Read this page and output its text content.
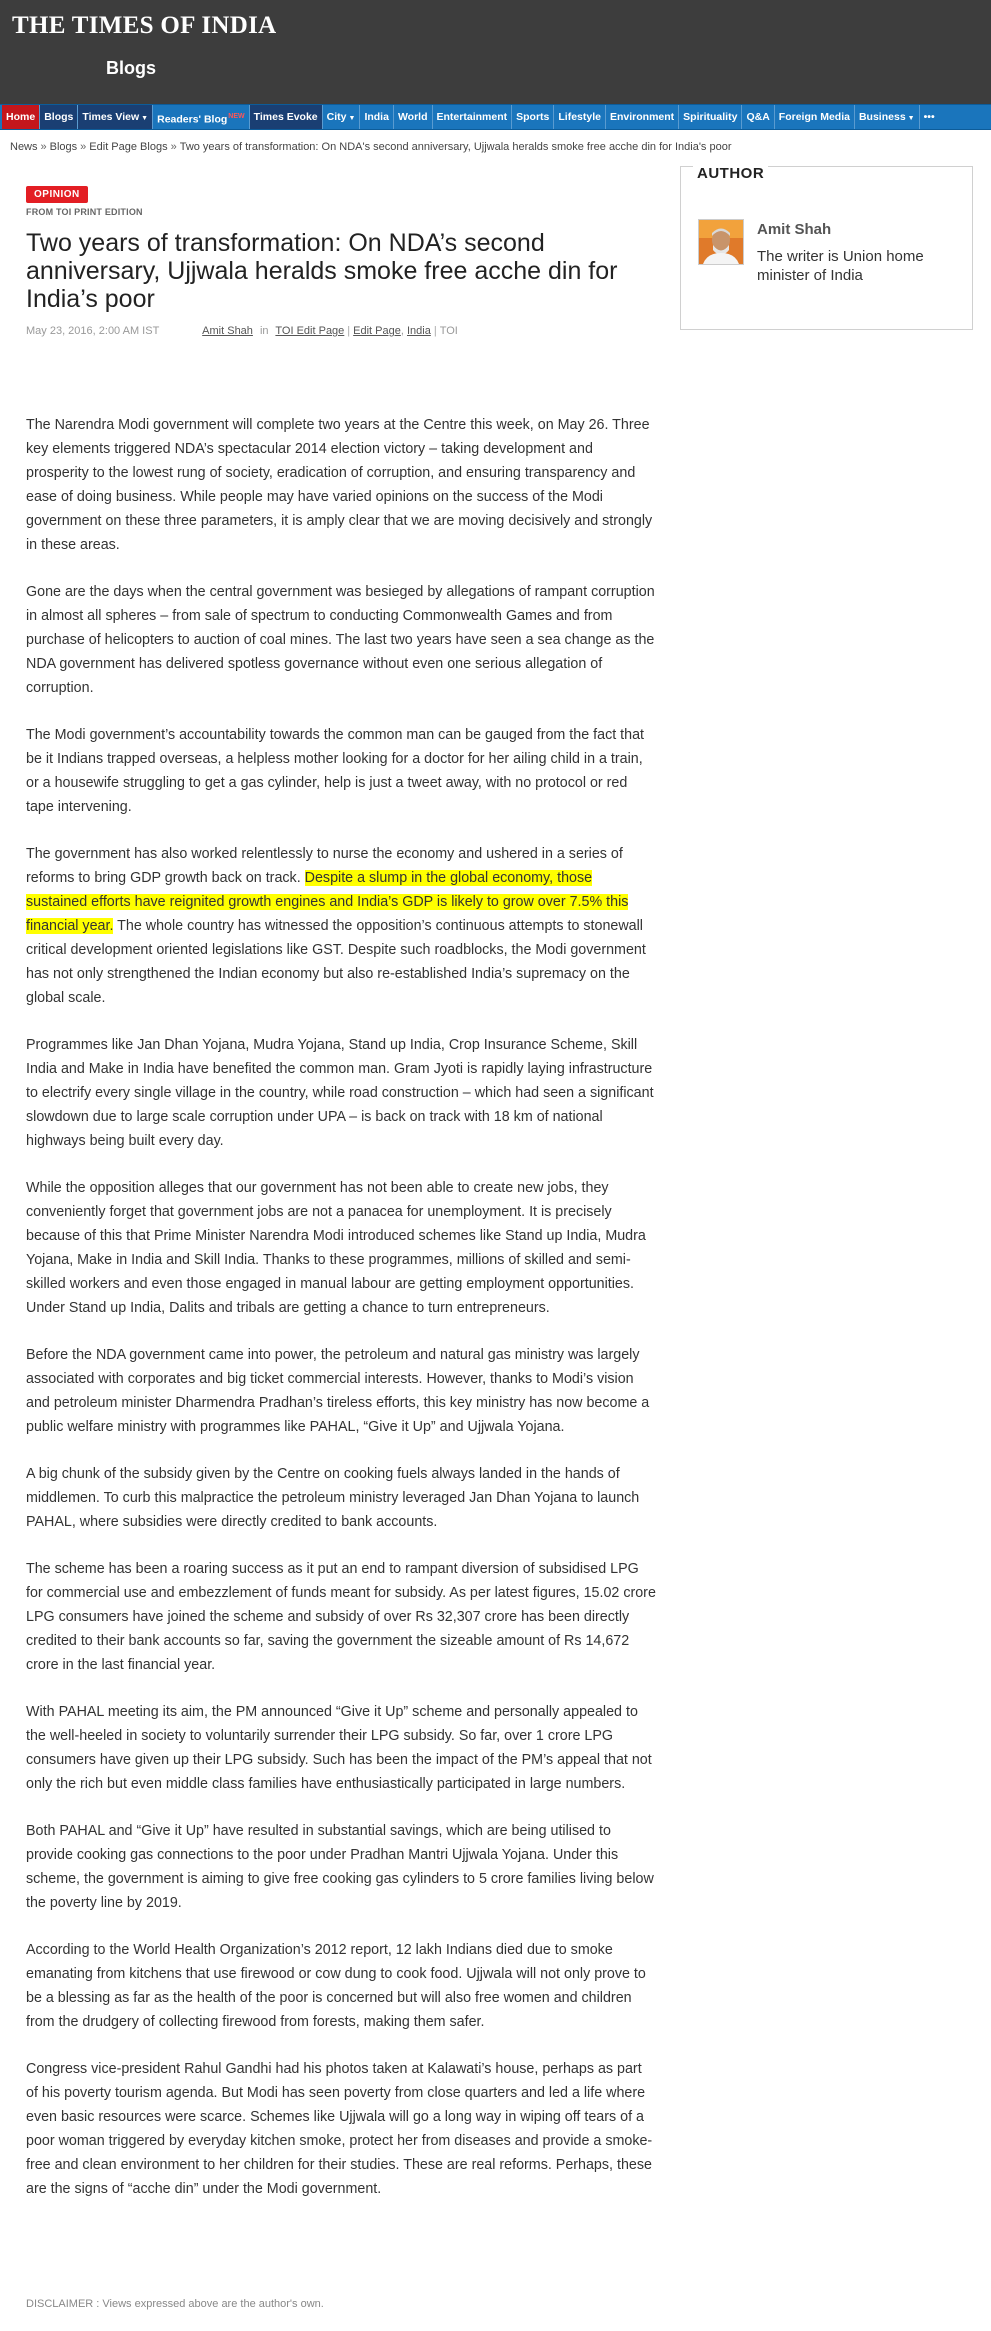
THE TIMES OF INDIA
Blogs
Home Blogs Times View ▼ Readers' Blog$^{NEW}$ Times Evoke City ▼ India World Entertainment Sports Lifestyle Environment Spirituality Q&A Foreign Media Business ▼ •••
News » Blogs » Edit Page Blogs » Two years of transformation: On NDA's second anniversary, Ujjwala heralds smoke free acche din for India's poor
OPINION
FROM TOI PRINT EDITION
Two years of transformation: On NDA’s second anniversary, Ujjwala heralds smoke free acche din for India’s poor
May 23, 2016, 2:00 AM IST	Amit Shah in TOI Edit Page | Edit Page, India | TOI

The Narendra Modi government will complete two years at the Centre this week, on May 26. Three key elements triggered NDA’s spectacular 2014 election victory – taking development and prosperity to the lowest rung of society, eradication of corruption, and ensuring transparency and ease of doing business. While people may have varied opinions on the success of the Modi government on these three parameters, it is amply clear that we are moving decisively and strongly in these areas.

Gone are the days when the central government was besieged by allegations of rampant corruption in almost all spheres – from sale of spectrum to conducting Commonwealth Games and from purchase of helicopters to auction of coal mines. The last two years have seen a sea change as the NDA government has delivered spotless governance without even one serious allegation of corruption.

The Modi government’s accountability towards the common man can be gauged from the fact that be it Indians trapped overseas, a helpless mother looking for a doctor for her ailing child in a train, or a housewife struggling to get a gas cylinder, help is just a tweet away, with no protocol or red tape intervening.

The government has also worked relentlessly to nurse the economy and ushered in a series of reforms to bring GDP growth back on track. Despite a slump in the global economy, those sustained efforts have reignited growth engines and India’s GDP is likely to grow over 7.5% this financial year. The whole country has witnessed the opposition’s continuous attempts to stonewall critical development oriented legislations like GST. Despite such roadblocks, the Modi government has not only strengthened the Indian economy but also re-established India’s supremacy on the global scale.

Programmes like Jan Dhan Yojana, Mudra Yojana, Stand up India, Crop Insurance Scheme, Skill India and Make in India have benefited the common man. Gram Jyoti is rapidly laying infrastructure to electrify every single village in the country, while road construction – which had seen a significant slowdown due to large scale corruption under UPA – is back on track with 18 km of national highways being built every day.

While the opposition alleges that our government has not been able to create new jobs, they conveniently forget that government jobs are not a panacea for unemployment. It is precisely because of this that Prime Minister Narendra Modi introduced schemes like Stand up India, Mudra Yojana, Make in India and Skill India. Thanks to these programmes, millions of skilled and semi-skilled workers and even those engaged in manual labour are getting employment opportunities. Under Stand up India, Dalits and tribals are getting a chance to turn entrepreneurs.

Before the NDA government came into power, the petroleum and natural gas ministry was largely associated with corporates and big ticket commercial interests. However, thanks to Modi’s vision and petroleum minister Dharmendra Pradhan’s tireless efforts, this key ministry has now become a public welfare ministry with programmes like PAHAL, “Give it Up” and Ujjwala Yojana.

A big chunk of the subsidy given by the Centre on cooking fuels always landed in the hands of middlemen. To curb this malpractice the petroleum ministry leveraged Jan Dhan Yojana to launch PAHAL, where subsidies were directly credited to bank accounts.

The scheme has been a roaring success as it put an end to rampant diversion of subsidised LPG for commercial use and embezzlement of funds meant for subsidy. As per latest figures, 15.02 crore LPG consumers have joined the scheme and subsidy of over Rs 32,307 crore has been directly credited to their bank accounts so far, saving the government the sizeable amount of Rs 14,672 crore in the last financial year.

With PAHAL meeting its aim, the PM announced “Give it Up” scheme and personally appealed to the well-heeled in society to voluntarily surrender their LPG subsidy. So far, over 1 crore LPG consumers have given up their LPG subsidy. Such has been the impact of the PM’s appeal that not only the rich but even middle class families have enthusiastically participated in large numbers.

Both PAHAL and “Give it Up” have resulted in substantial savings, which are being utilised to provide cooking gas connections to the poor under Pradhan Mantri Ujjwala Yojana. Under this scheme, the government is aiming to give free cooking gas cylinders to 5 crore families living below the poverty line by 2019.

According to the World Health Organization’s 2012 report, 12 lakh Indians died due to smoke emanating from kitchens that use firewood or cow dung to cook food. Ujjwala will not only prove to be a blessing as far as the health of the poor is concerned but will also free women and children from the drudgery of collecting firewood from forests, making them safer.

Congress vice-president Rahul Gandhi had his photos taken at Kalawati’s house, perhaps as part of his poverty tourism agenda. But Modi has seen poverty from close quarters and led a life where even basic resources were scarce. Schemes like Ujjwala will go a long way in wiping off tears of a poor woman triggered by everyday kitchen smoke, protect her from diseases and provide a smoke-free and clean environment to her children for their studies. These are real reforms. Perhaps, these are the signs of “acche din” under the Modi government.

DISCLAIMER : Views expressed above are the author's own.
AUTHOR
Amit Shah
The writer is Union home minister of India
